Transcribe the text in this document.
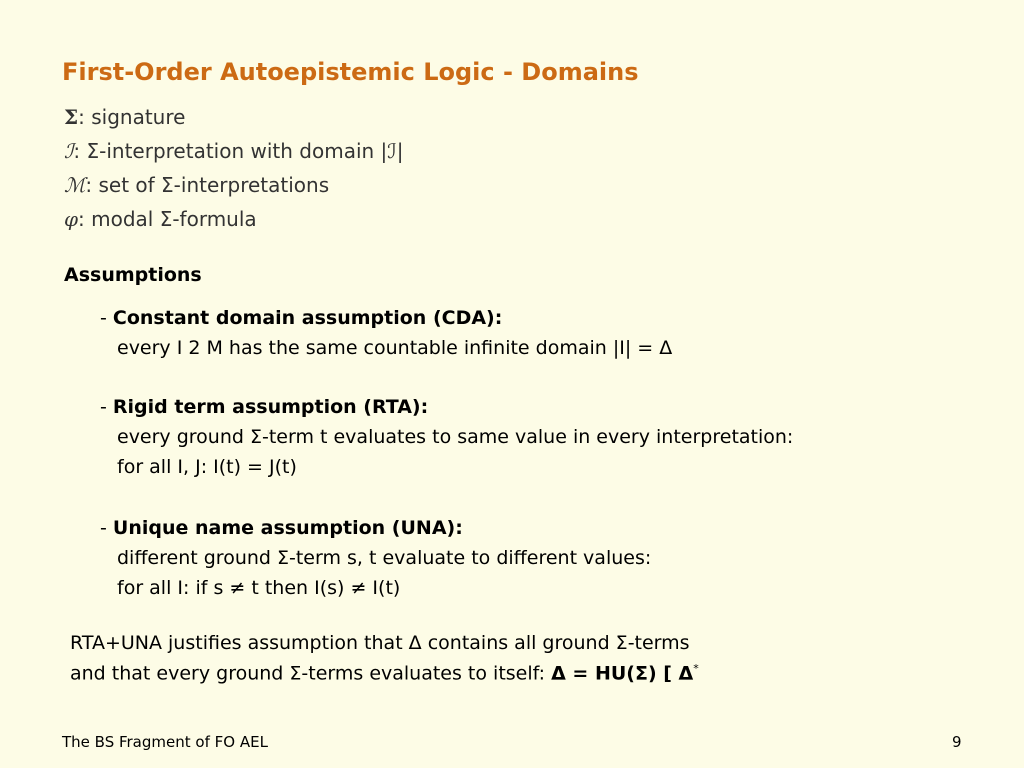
First-Order Autoepistemic Logic - Domains
Σ: signature
ℐ: Σ-interpretation with domain |ℐ|
ℳ: set of Σ-interpretations
φ: modal Σ-formula
Assumptions
- Constant domain assumption (CDA):
every I 2 M has the same countable infinite domain |I| = Δ
- Rigid term assumption (RTA):
every ground Σ-term t evaluates to same value in every interpretation:
for all I, J: I(t) = J(t)
- Unique name assumption (UNA):
different ground Σ-term s, t evaluate to different values:
for all I: if s ≠ t then I(s) ≠ I(t)
RTA+UNA justifies assumption that Δ contains all ground Σ-terms
and that every ground Σ-terms evaluates to itself: Δ = HU(Σ) [ Δ*
The BS Fragment of FO AEL	9
